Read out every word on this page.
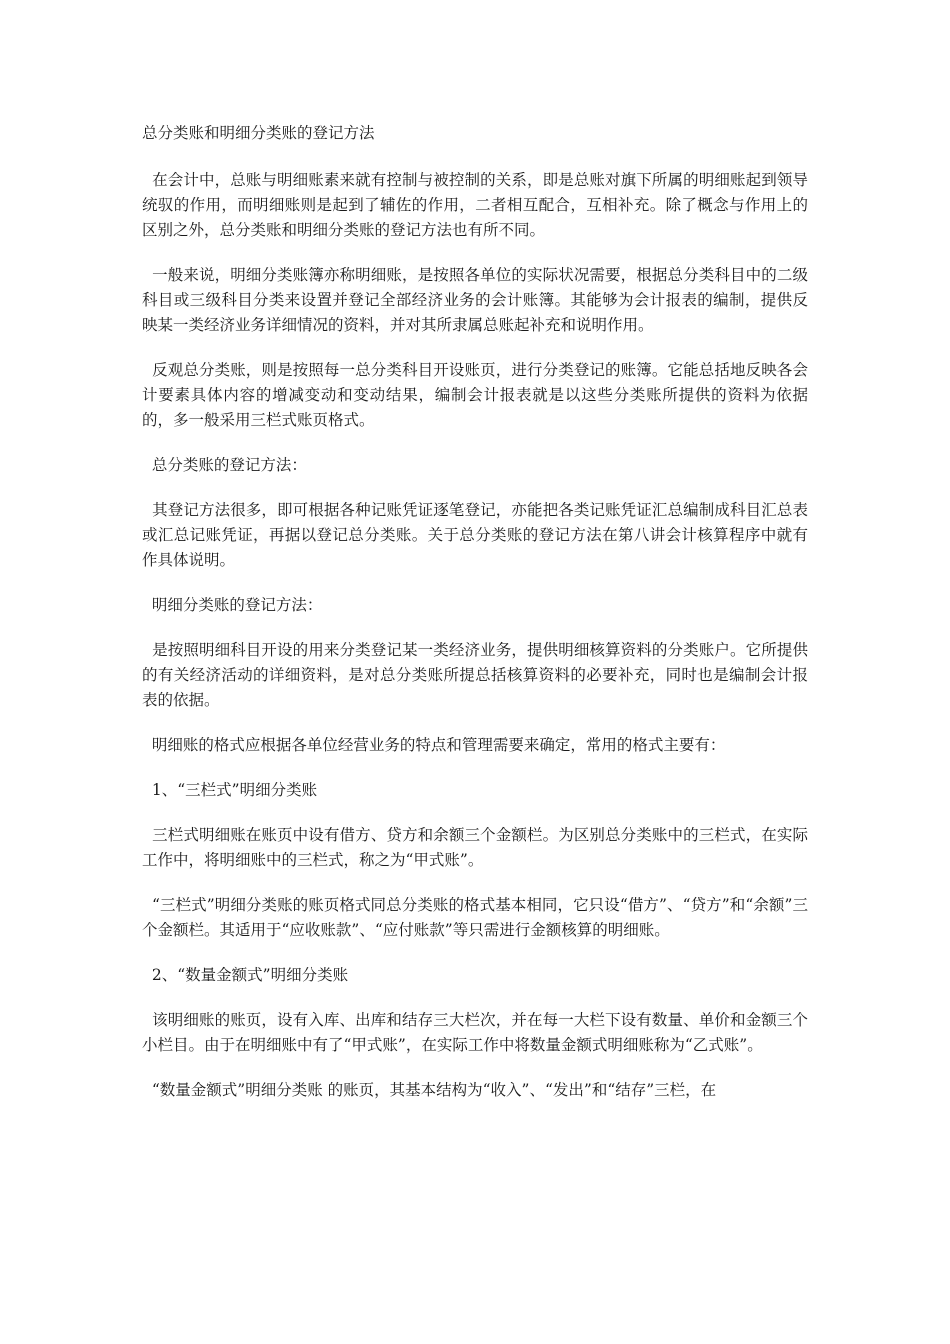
总分类账和明细分类账的登记方法

在会计中，总账与明细账素来就有控制与被控制的关系，即是总账对旗下所属的明细账起到领导统驭的作用，而明细账则是起到了辅佐的作用，二者相互配合，互相补充。除了概念与作用上的区别之外，总分类账和明细分类账的登记方法也有所不同。

一般来说，明细分类账簿亦称明细账，是按照各单位的实际状况需要，根据总分类科目中的二级科目或三级科目分类来设置并登记全部经济业务的会计账簿。其能够为会计报表的编制，提供反映某一类经济业务详细情况的资料，并对其所隶属总账起补充和说明作用。

反观总分类账，则是按照每一总分类科目开设账页，进行分类登记的账簿。它能总括地反映各会计要素具体内容的增减变动和变动结果，编制会计报表就是以这些分类账所提供的资料为依据的，多一般采用三栏式账页格式。

总分类账的登记方法：

其登记方法很多，即可根据各种记账凭证逐笔登记，亦能把各类记账凭证汇总编制成科目汇总表或汇总记账凭证，再据以登记总分类账。关于总分类账的登记方法在第八讲会计核算程序中就有作具体说明。

明细分类账的登记方法：

是按照明细科目开设的用来分类登记某一类经济业务，提供明细核算资料的分类账户。它所提供的有关经济活动的详细资料，是对总分类账所提总括核算资料的必要补充，同时也是编制会计报表的依据。

明细账的格式应根据各单位经营业务的特点和管理需要来确定，常用的格式主要有：

1、“三栏式”明细分类账

三栏式明细账在账页中设有借方、贷方和余额三个金额栏。为区别总分类账中的三栏式，在实际工作中，将明细账中的三栏式，称之为“甲式账”。

“三栏式”明细分类账的账页格式同总分类账的格式基本相同，它只设“借方”、“贷方”和“余额”三个金额栏。其适用于“应收账款”、“应付账款”等只需进行金额核算的明细账。

2、“数量金额式”明细分类账

该明细账的账页，设有入库、出库和结存三大栏次，并在每一大栏下设有数量、单价和金额三个小栏目。由于在明细账中有了“甲式账”，在实际工作中将数量金额式明细账称为“乙式账”。

“数量金额式”明细分类账 的账页，其基本结构为“收入”、“发出”和“结存”三栏，在
